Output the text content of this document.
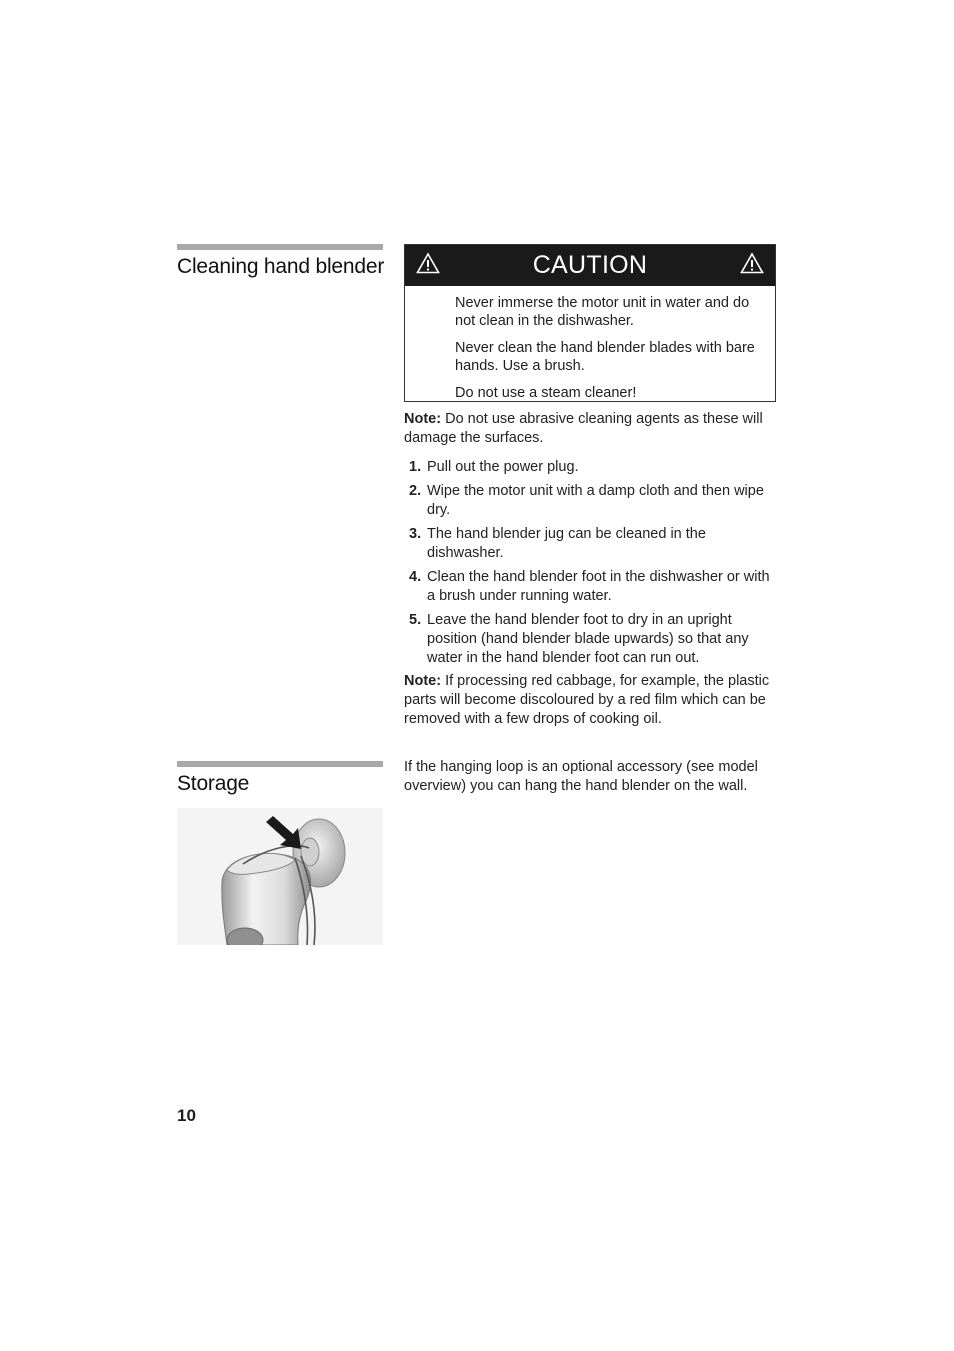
Cleaning hand blender	CAUTION

Never immerse the motor unit in water and do not clean in the dishwasher.

Never clean the hand blender blades with bare hands. Use a brush.

Do not use a steam cleaner!

Note: Do not use abrasive cleaning agents as these will damage the surfaces.
1. Pull out the power plug.
2. Wipe the motor unit with a damp cloth and then wipe dry.
3. The hand blender jug can be cleaned in the dishwasher.
4. Clean the hand blender foot in the dishwasher or with a brush under running water.
5. Leave the hand blender foot to dry in an upright position (hand blender blade upwards) so that any water in the hand blender foot can run out.
Note: If processing red cabbage, for example, the plastic parts will become discoloured by a red film which can be removed with a few drops of cooking oil.
Storage
If the hanging loop is an optional accessory (see model overview) you can hang the hand blender on the wall.
10
